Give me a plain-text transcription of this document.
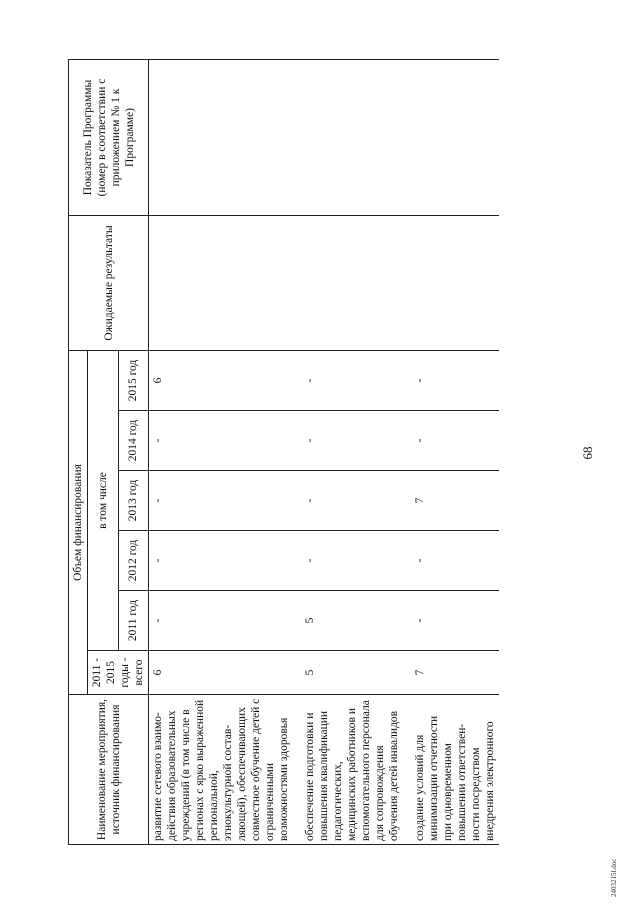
68
Наименование мероприятия, источник финансирования	Объем финансирования						Ожидаемые результаты	Показатель Программы (номер в соответствии с приложением № 1 к Программе)
	2011 - 2015 годы - всего	в том числе						
		2011 год	2012 год	2013 год	2014 год	2015 год		
развитие сетевого взаимо-действия образовательных учреждений (в том числе в регионах с ярко выраженной региональной, этнокультурной состав-ляющей), обеспечивающих совместное обучение детей с ограниченными возможностями здоровья	6	-	-	-	-	6		
обеспечение подготовки и повышения квалификации педагогических, медицинских работников и вспомогательного персонала для сопровождения обучения детей инвалидов	5	5	-	-	-	-		
создание условий для минимизации отчетности при одновременном повышении ответствен-ности посредством внедрения электронного	7	-	-	7	-	-		
2403215l.doc
